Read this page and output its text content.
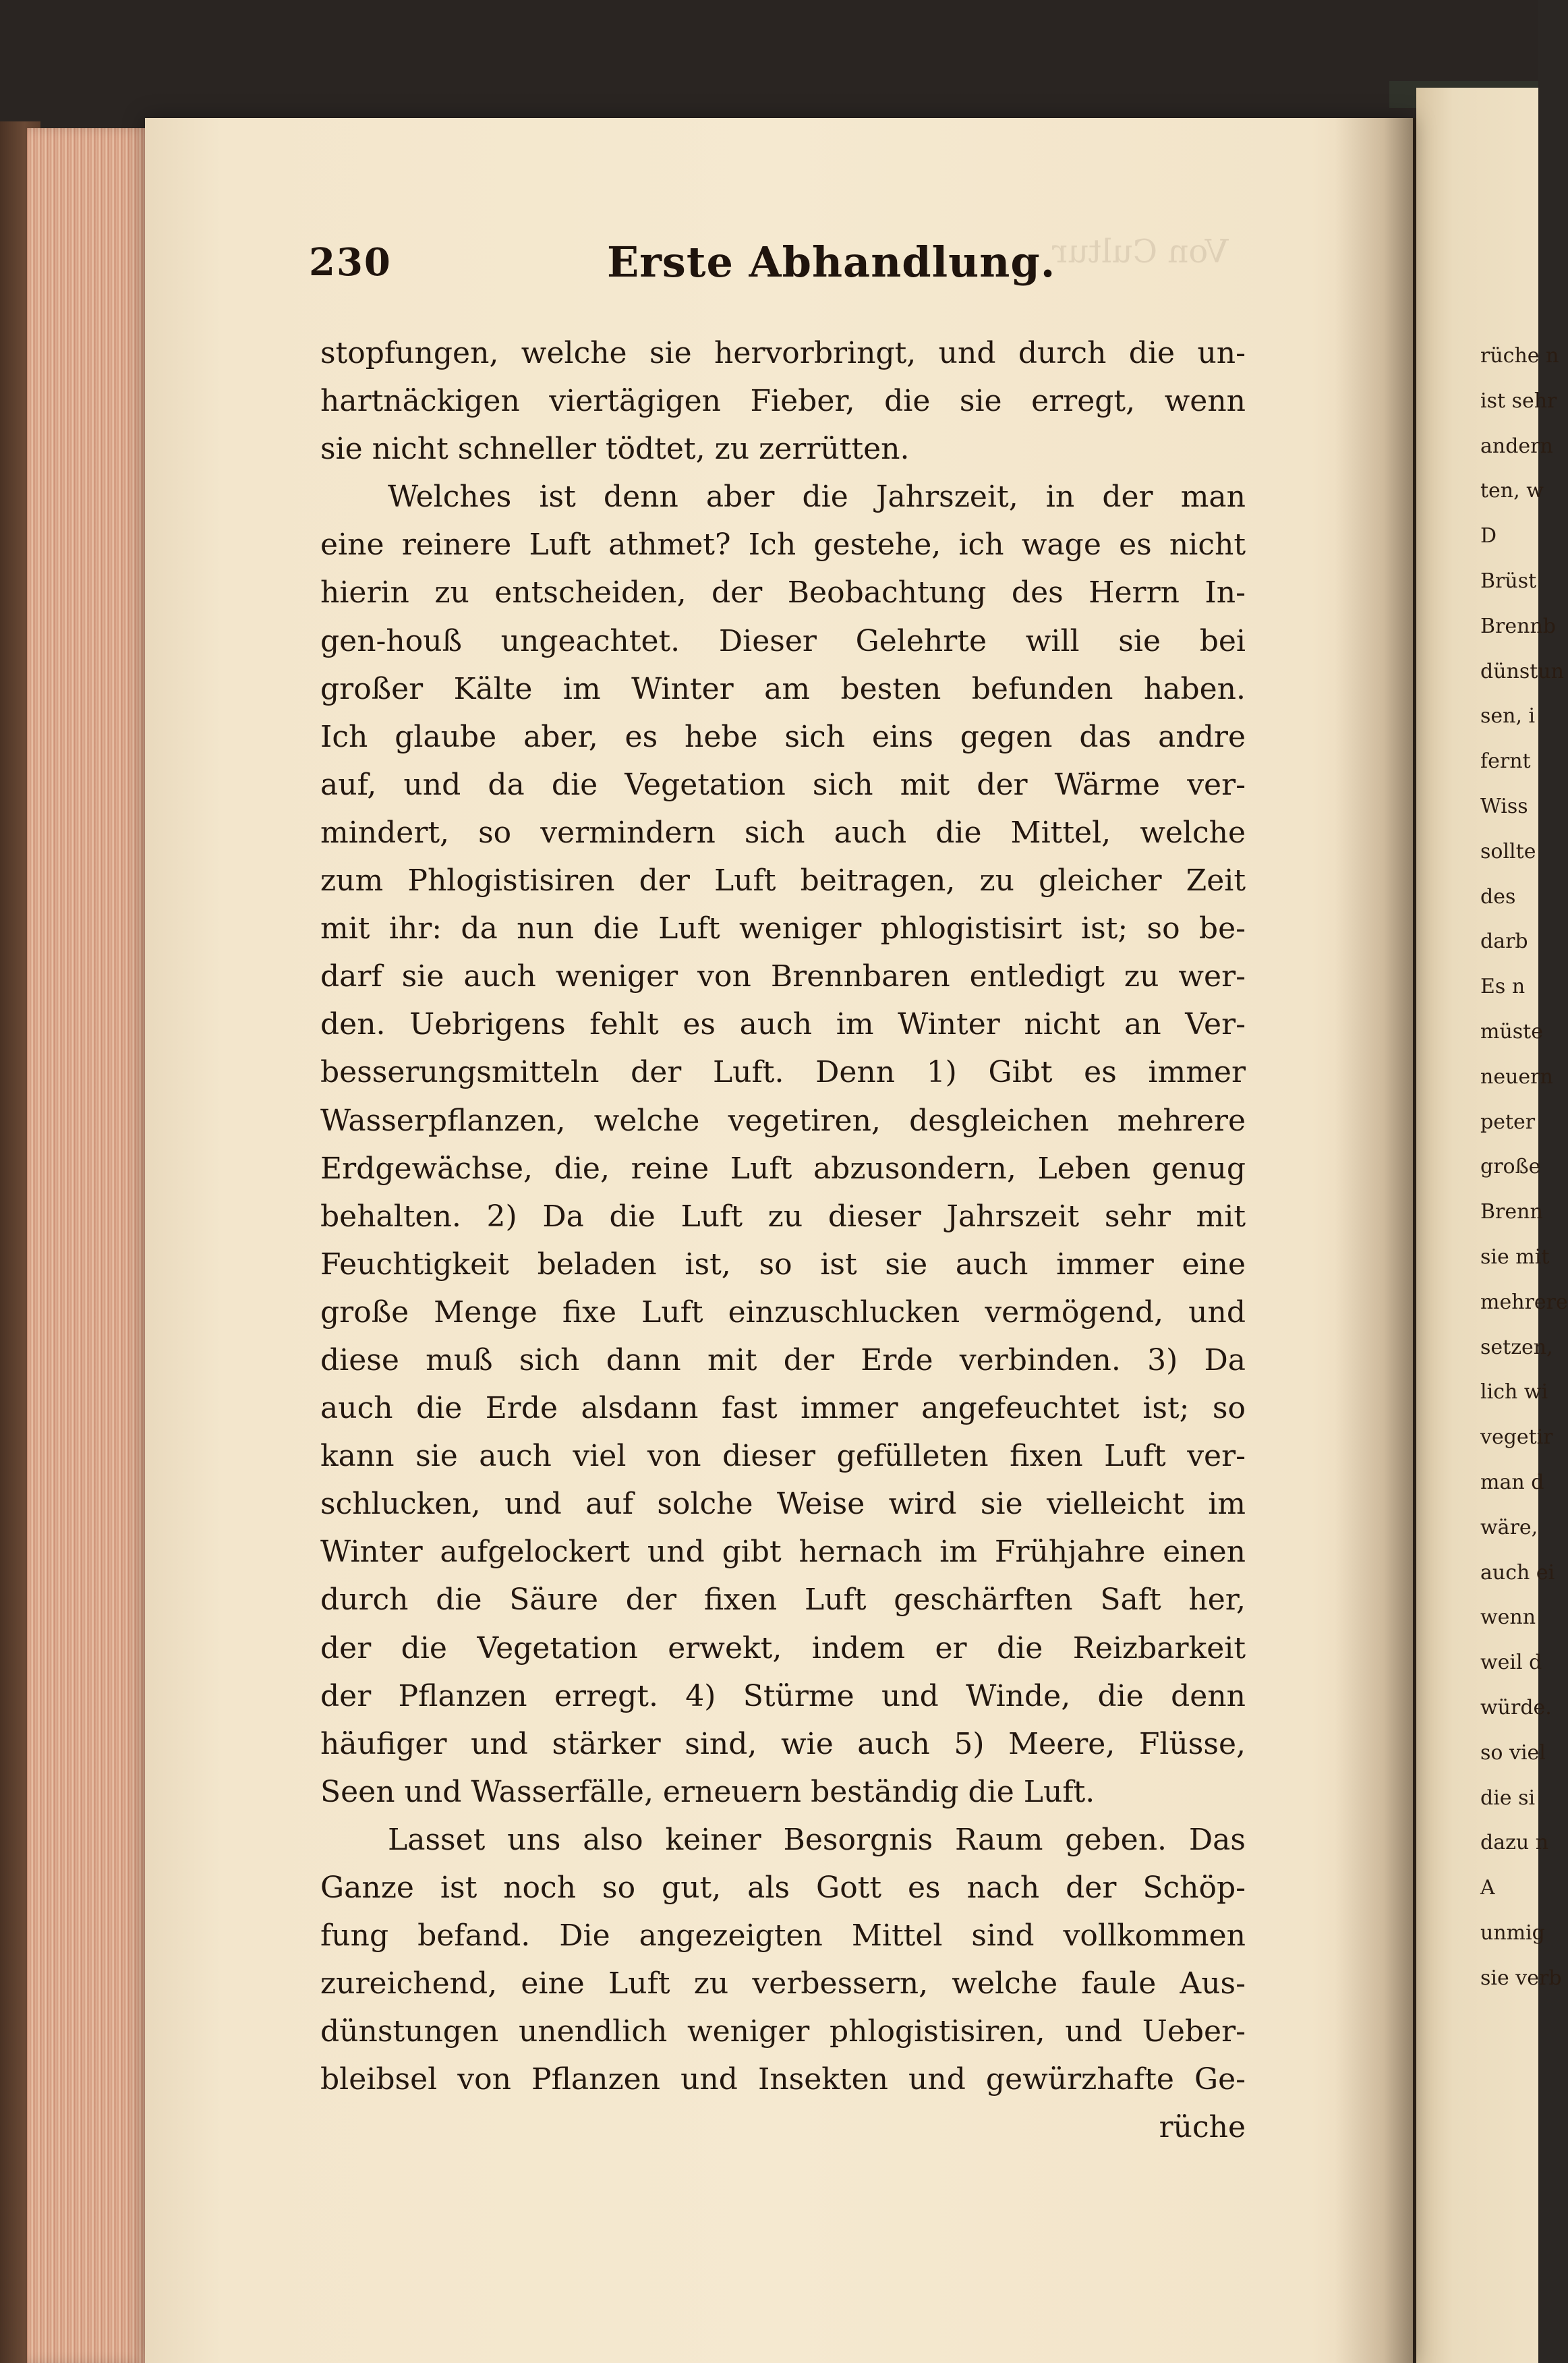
rüche n
ist sehr
andern
ten, w
D
Brüst
Brennb
dünstun
sen, i
fernt
Wiss
sollte
des
darb
Es n
müste
neuern
peter
große
Brenn
sie mit
mehrere
setzen,
lich wi
vegetir
man d
wäre,
auch ei
wenn
weil d
würde.
so viel
die si
dazu n
A
unmig
sie verb
Von Cultur
230	Erste Abhandlung.
stopfungen, welche sie hervorbringt, und durch die un-
hartnäckigen viertägigen Fieber, die sie erregt, wenn
sie nicht schneller tödtet, zu zerrütten.
Welches ist denn aber die Jahrszeit, in der man
eine reinere Luft athmet? Ich gestehe, ich wage es nicht
hierin zu entscheiden, der Beobachtung des Herrn In-
gen-houß ungeachtet. Dieser Gelehrte will sie bei
großer Kälte im Winter am besten befunden haben.
Ich glaube aber, es hebe sich eins gegen das andre
auf, und da die Vegetation sich mit der Wärme ver-
mindert, so vermindern sich auch die Mittel, welche
zum Phlogistisiren der Luft beitragen, zu gleicher Zeit
mit ihr: da nun die Luft weniger phlogistisirt ist; so be-
darf sie auch weniger von Brennbaren entledigt zu wer-
den. Uebrigens fehlt es auch im Winter nicht an Ver-
besserungsmitteln der Luft. Denn 1) Gibt es immer
Wasserpflanzen, welche vegetiren, desgleichen mehrere
Erdgewächse, die, reine Luft abzusondern, Leben genug
behalten. 2) Da die Luft zu dieser Jahrszeit sehr mit
Feuchtigkeit beladen ist, so ist sie auch immer eine
große Menge fixe Luft einzuschlucken vermögend, und
diese muß sich dann mit der Erde verbinden. 3) Da
auch die Erde alsdann fast immer angefeuchtet ist; so
kann sie auch viel von dieser gefülleten fixen Luft ver-
schlucken, und auf solche Weise wird sie vielleicht im
Winter aufgelockert und gibt hernach im Frühjahre einen
durch die Säure der fixen Luft geschärften Saft her,
der die Vegetation erwekt, indem er die Reizbarkeit
der Pflanzen erregt. 4) Stürme und Winde, die denn
häufiger und stärker sind, wie auch 5) Meere, Flüsse,
Seen und Wasserfälle, erneuern beständig die Luft.
Lasset uns also keiner Besorgnis Raum geben. Das
Ganze ist noch so gut, als Gott es nach der Schöp-
fung befand. Die angezeigten Mittel sind vollkommen
zureichend, eine Luft zu verbessern, welche faule Aus-
dünstungen unendlich weniger phlogistisiren, und Ueber-
bleibsel von Pflanzen und Insekten und gewürzhafte Ge-
rüche
